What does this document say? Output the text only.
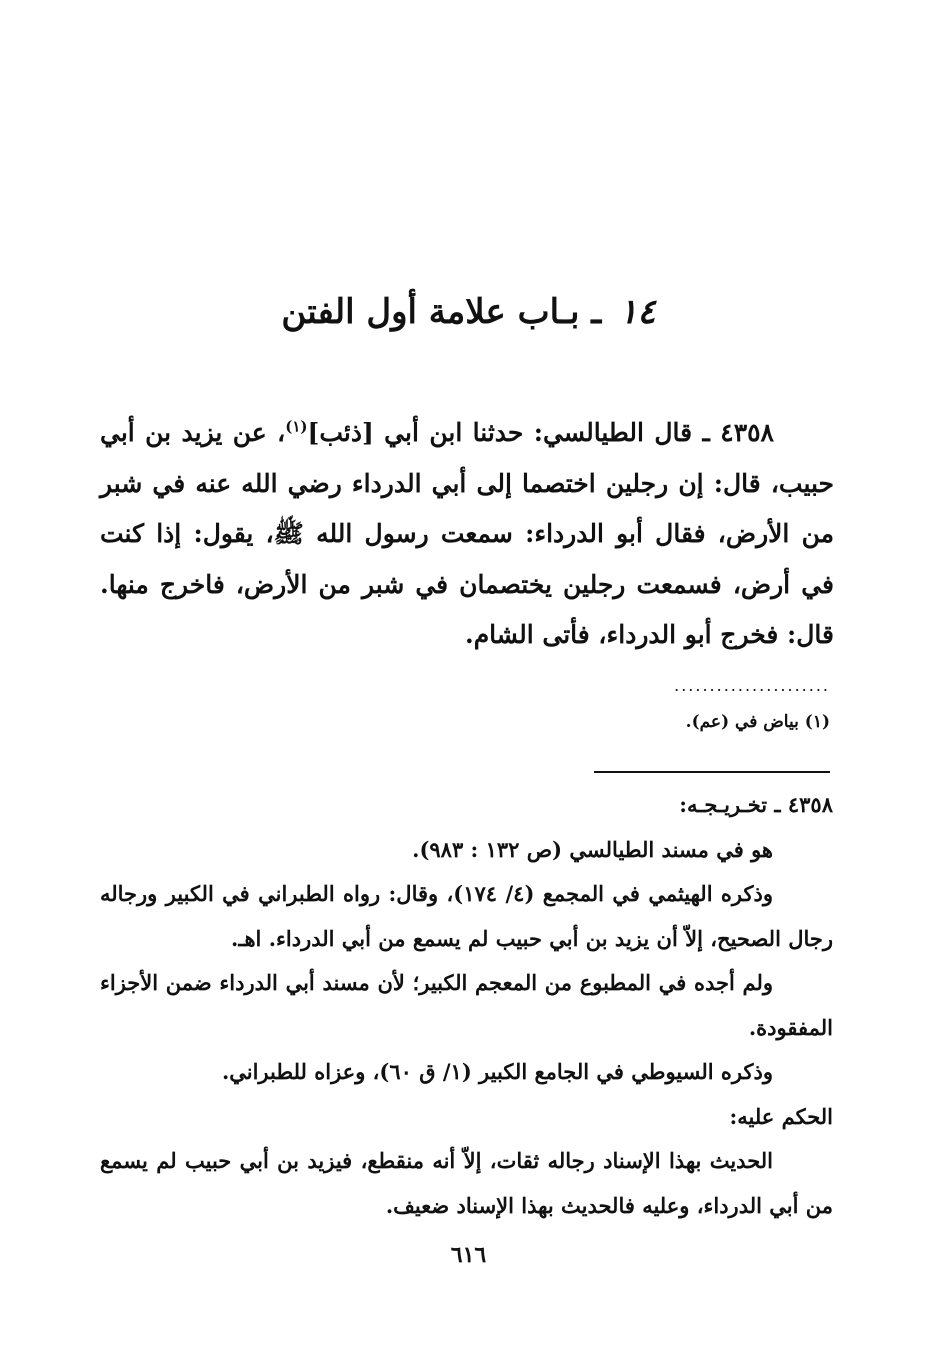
١٤ ـ بـاب علامة أول الفتن
٤٣٥٨ ـ قال الطيالسي: حدثنا ابن أبي [ذئب]$^{(١)}$، عن يزيد بن أبي حبيب، قال: إن رجلين اختصما إلى أبي الدرداء رضي الله عنه في شبر من الأرض، فقال أبو الدرداء: سمعت رسول الله ﷺ، يقول: إذا كنت في أرض، فسمعت رجلين يختصمان في شبر من الأرض، فاخرج منها. قال: فخرج أبو الدرداء، فأتى الشام.
......................
(١) بياض في (عم).
٤٣٥٨ ـ تخـريـجـه:

هو في مسند الطيالسي (ص ١٣٢ : ٩٨٣).

وذكره الهيثمي في المجمع (٤/ ١٧٤)، وقال: رواه الطبراني في الكبير ورجاله رجال الصحيح، إلاّ أن يزيد بن أبي حبيب لم يسمع من أبي الدرداء. اهـ.

ولم أجده في المطبوع من المعجم الكبير؛ لأن مسند أبي الدرداء ضمن الأجزاء المفقودة.

وذكره السيوطي في الجامع الكبير (١/ ق ٦٠)، وعزاه للطبراني.

الحكم عليه:

الحديث بهذا الإسناد رجاله ثقات، إلاّ أنه منقطع، فيزيد بن أبي حبيب لم يسمع من أبي الدرداء، وعليه فالحديث بهذا الإسناد ضعيف.

٦١٦
